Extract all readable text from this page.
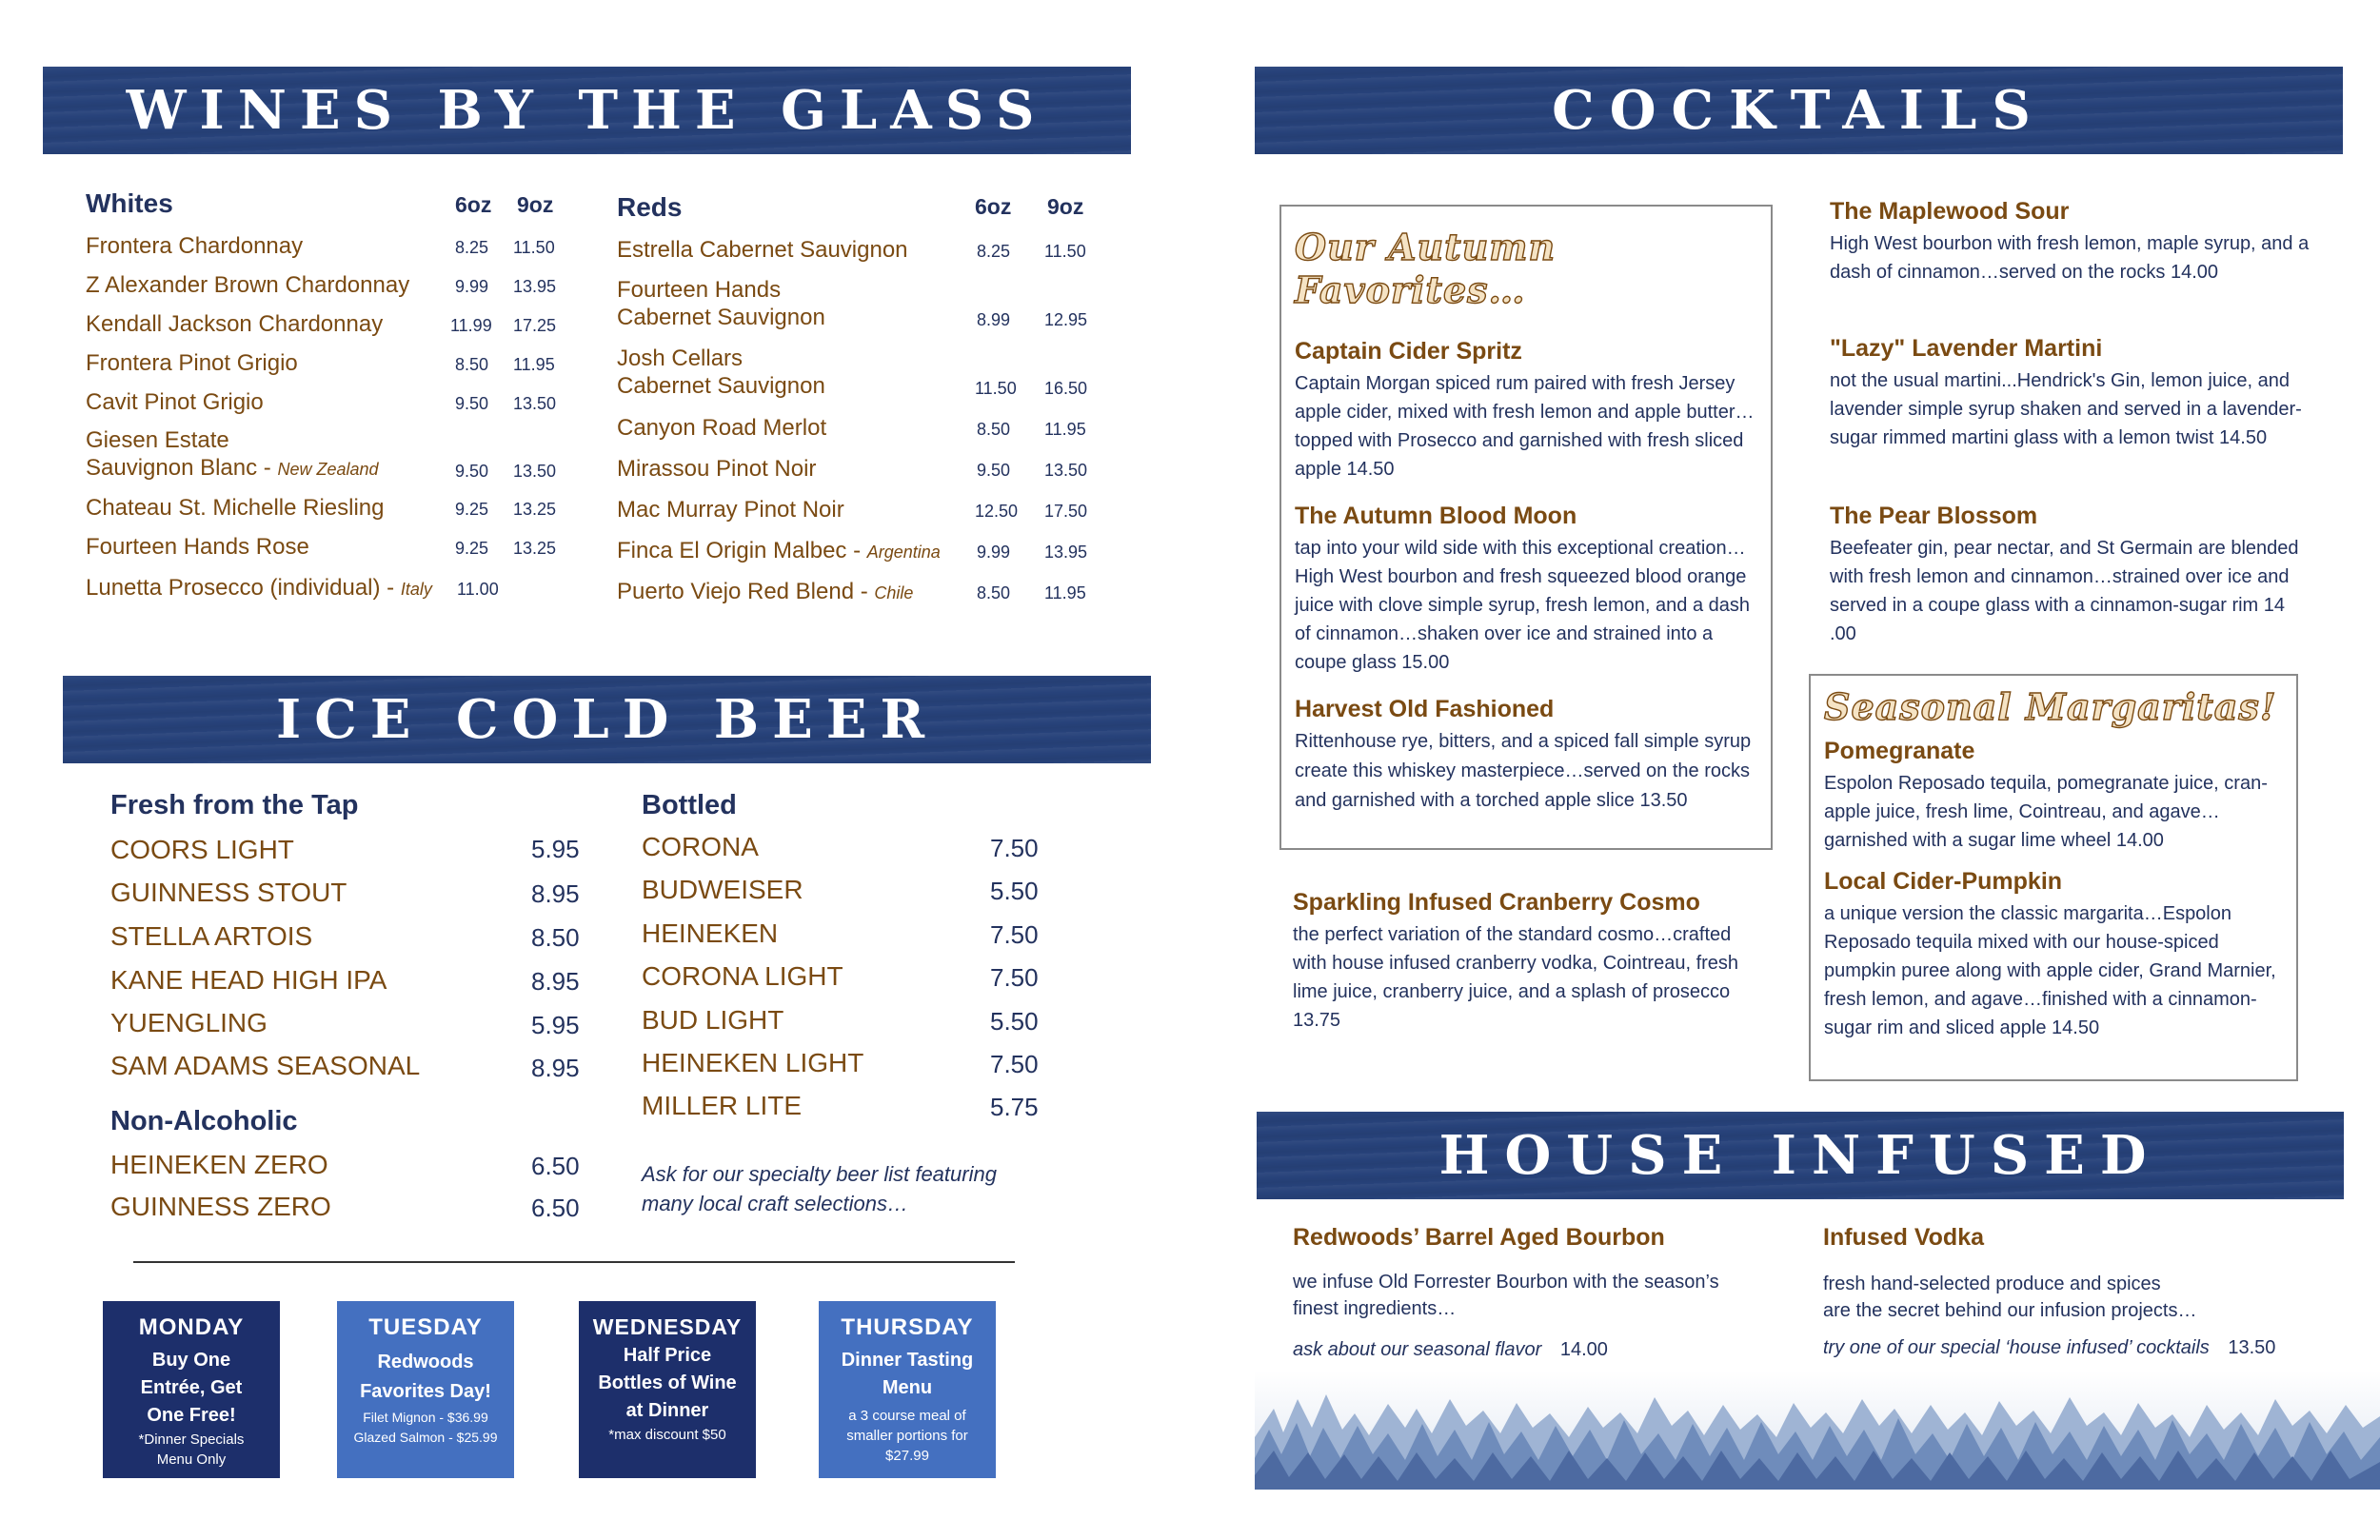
WINES BY THE GLASS	COCKTAILS
ICE COLD BEER
HOUSE INFUSED
Whites	6oz 9oz
Frontera Chardonnay	8.25 11.50
Z Alexander Brown Chardonnay	9.99 13.95
Kendall Jackson Chardonnay	11.99 17.25
Frontera Pinot Grigio	8.50 11.95
Cavit Pinot Grigio	9.50 13.50
Giesen Estate
Sauvignon Blanc - New Zealand	9.50 13.50
Chateau St. Michelle Riesling	9.25 13.25
Fourteen Hands Rose	9.25 13.25
Lunetta Prosecco (individual) - Italy 11.00
Reds	6oz 9oz
Estrella Cabernet Sauvignon	8.25 11.50
Fourteen Hands
Cabernet Sauvignon	8.99 12.95
Josh Cellars
Cabernet Sauvignon	11.50 16.50
Canyon Road Merlot	8.50 11.95
Mirassou Pinot Noir	9.50 13.50
Mac Murray Pinot Noir	12.50 17.50
Finca El Origin Malbec - Argentina 9.99 13.95
Puerto Viejo Red Blend - Chile	8.50 11.95
Fresh from the Tap
COORS LIGHT	5.95
GUINNESS STOUT	8.95
STELLA ARTOIS	8.50
KANE HEAD HIGH IPA	8.95
YUENGLING	5.95
SAM ADAMS SEASONAL	8.95
Non-Alcoholic
HEINEKEN ZERO	6.50
GUINNESS ZERO	6.50
Bottled
CORONA	7.50
BUDWEISER	5.50
HEINEKEN	7.50
CORONA LIGHT	7.50
BUD LIGHT	5.50
HEINEKEN LIGHT	7.50
MILLER LITE	5.75
Ask for our specialty beer list featuring
many local craft selections…
MONDAY
Buy One
Entrée, Get
One Free!
*Dinner Specials
Menu Only
TUESDAY
Redwoods
Favorites Day!
Filet Mignon - $36.99
Glazed Salmon - $25.99
WEDNESDAY
Half Price
Bottles of Wine
at Dinner
*max discount $50
THURSDAY
Dinner Tasting
Menu
a 3 course meal of
smaller portions for
$27.99
Our Autumn Favorites…
Captain Cider Spritz
Captain Morgan spiced rum paired with fresh Jersey apple cider, mixed with fresh lemon and apple butter…topped with Prosecco and garnished with fresh sliced apple 14.50
The Autumn Blood Moon
tap into your wild side with this exceptional creation…High West bourbon and fresh squeezed blood orange juice with clove simple syrup, fresh lemon, and a dash of cinnamon…shaken over ice and strained into a coupe glass 15.00
Harvest Old Fashioned
Rittenhouse rye, bitters, and a spiced fall simple syrup create this whiskey masterpiece…served on the rocks and garnished with a torched apple slice 13.50
Sparkling Infused Cranberry Cosmo
the perfect variation of the standard cosmo…crafted with house infused cranberry vodka, Cointreau, fresh lime juice, cranberry juice, and a splash of prosecco 13.75
The Maplewood Sour
High West bourbon with fresh lemon, maple syrup, and a dash of cinnamon…served on the rocks 14.00
"Lazy" Lavender Martini
not the usual martini...Hendrick's Gin, lemon juice, and lavender simple syrup shaken and served in a lavender-sugar rimmed martini glass with a lemon twist 14.50
The Pear Blossom
Beefeater gin, pear nectar, and St Germain are blended with fresh lemon and cinnamon…strained over ice and served in a coupe glass with a cinnamon-sugar rim 14 .00
Seasonal Margaritas!
Pomegranate
Espolon Reposado tequila, pomegranate juice, cran-apple juice, fresh lime, Cointreau, and agave…garnished with a sugar lime wheel 14.00
Local Cider-Pumpkin
a unique version the classic margarita…Espolon Reposado tequila mixed with our house-spiced pumpkin puree along with apple cider, Grand Marnier, fresh lemon, and agave…finished with a cinnamon-sugar rim and sliced apple 14.50
Redwoods’ Barrel Aged Bourbon
we infuse Old Forrester Bourbon with the season’s
finest ingredients…
ask about our seasonal flavor 14.00
Infused Vodka
fresh hand-selected produce and spices
are the secret behind our infusion projects…
try one of our special ‘house infused’ cocktails 13.50
